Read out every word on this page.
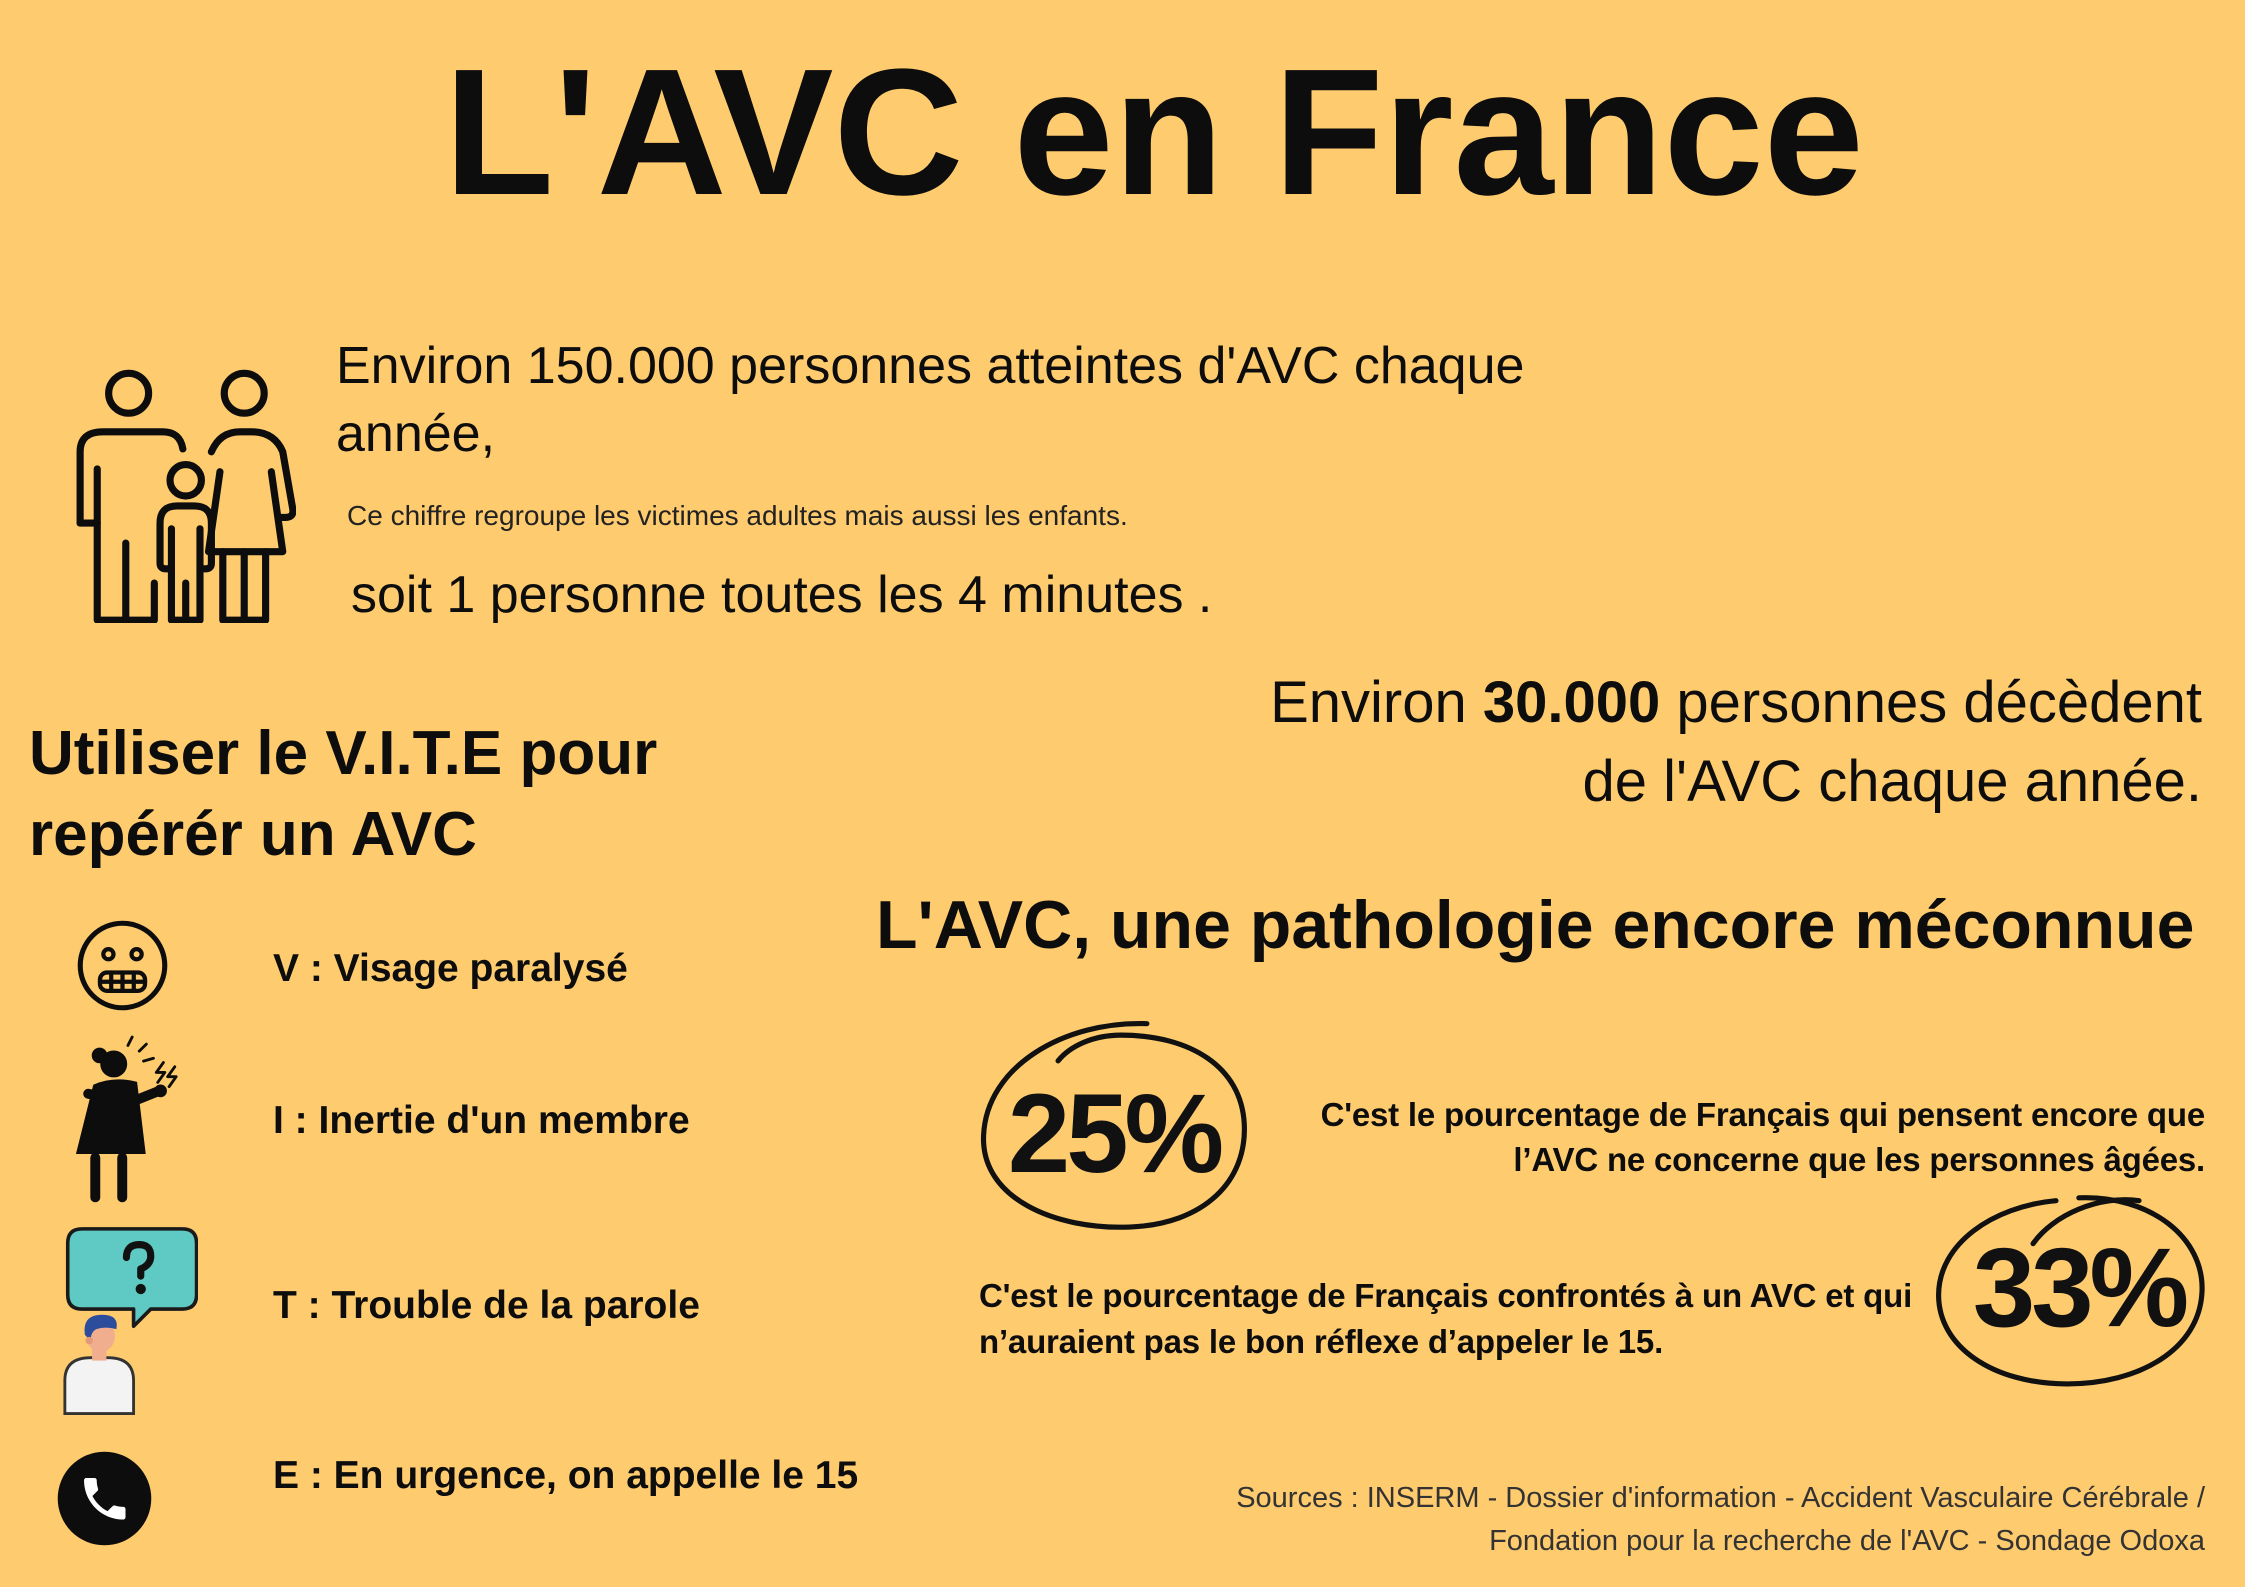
L'AVC en France
Environ 150.000 personnes atteintes d'AVC chaque
année,
Ce chiffre regroupe les victimes adultes mais aussi les enfants.
soit 1 personne toutes les 4 minutes .
Environ 30.000 personnes décèdent
de l'AVC chaque année.
Utiliser le V.I.T.E pour
repérér un AVC
V : Visage paralysé
I : Inertie d'un membre
T : Trouble de la parole
E : En urgence, on appelle le 15
L'AVC, une pathologie encore méconnue
25%	C'est le pourcentage de Français qui pensent encore que
l’AVC ne concerne que les personnes âgées.
C'est le pourcentage de Français confrontés à un AVC et qui
n’auraient pas le bon réflexe d’appeler le 15.	33%
Sources : INSERM - Dossier d'information - Accident Vasculaire Cérébrale /
Fondation pour la recherche de l'AVC - Sondage Odoxa
